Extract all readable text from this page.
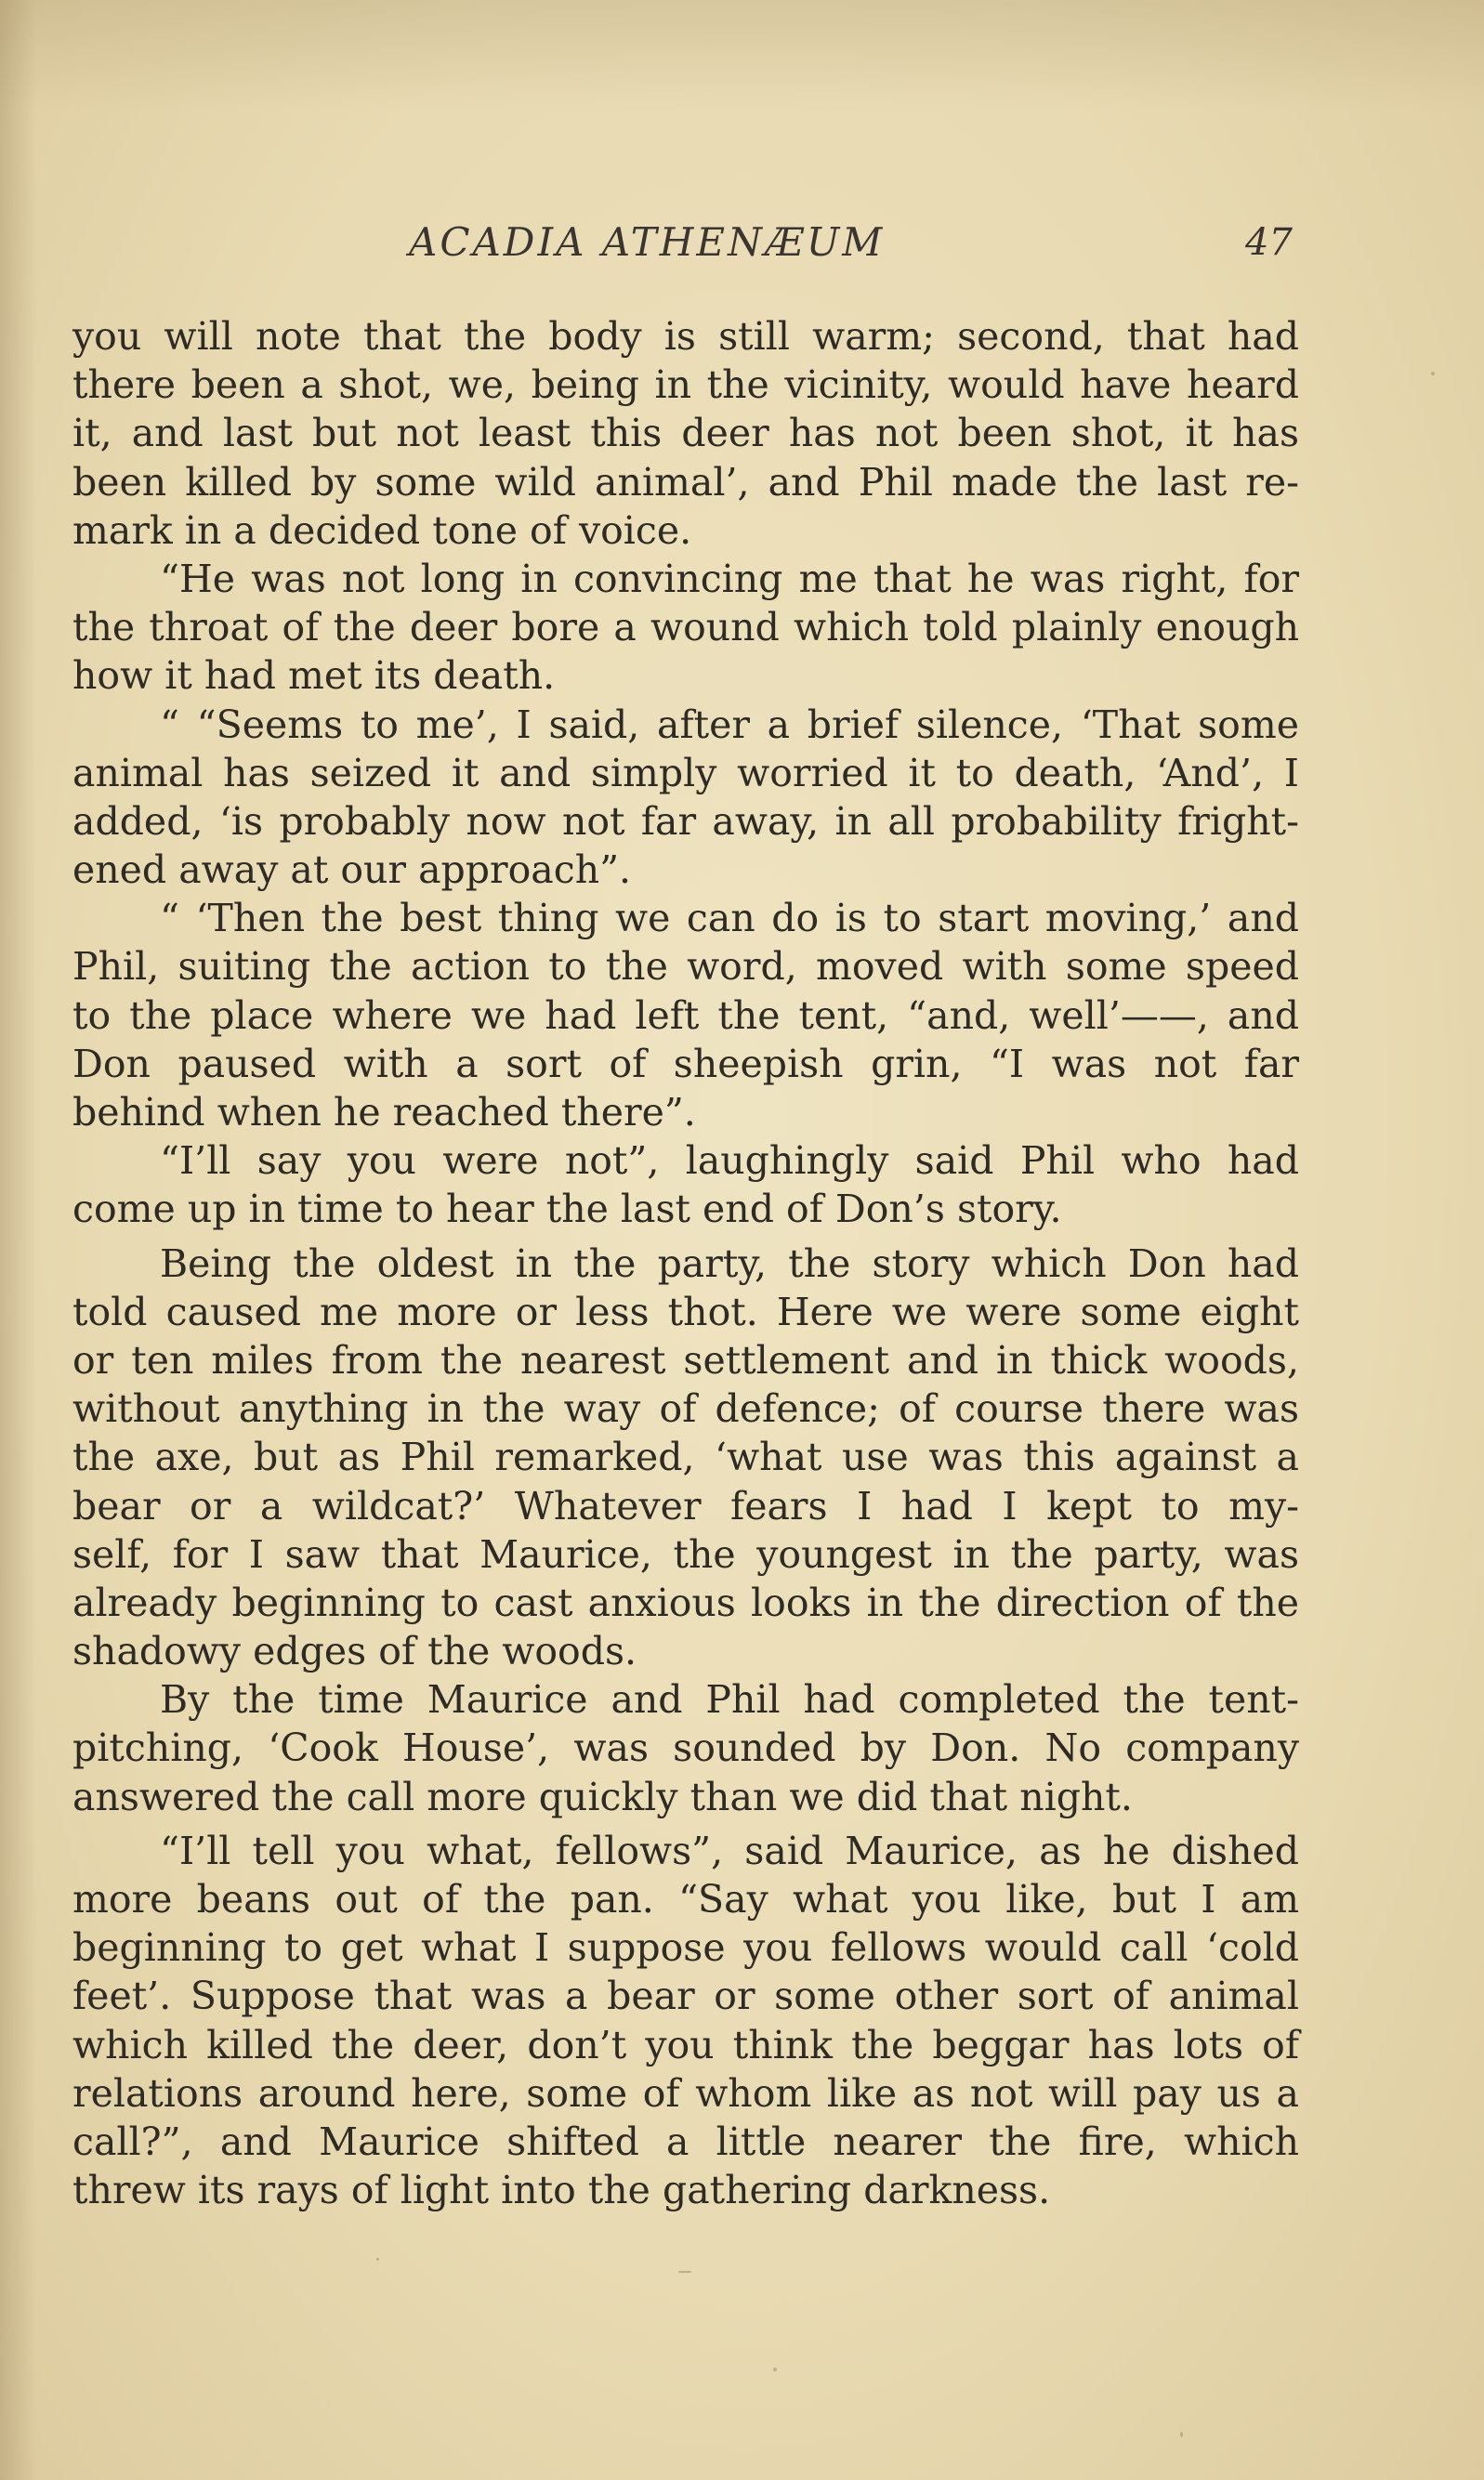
ACADIA ATHENÆUM	47
you will note that the body is still warm; second, that had
there been a shot, we, being in the vicinity, would have heard
it, and last but not least this deer has not been shot, it has
been killed by some wild animal’, and Phil made the last re-
mark in a decided tone of voice.
“He was not long in convincing me that he was right, for
the throat of the deer bore a wound which told plainly enough
how it had met its death.
“ “Seems to me’, I said, after a brief silence, ‘That some
animal has seized it and simply worried it to death, ‘And’, I
added, ‘is probably now not far away, in all probability fright-
ened away at our approach”.
“ ‘Then the best thing we can do is to start moving,’ and
Phil, suiting the action to the word, moved with some speed
to the place where we had left the tent, “and, well’——, and
Don paused with a sort of sheepish grin, “I was not far
behind when he reached there”.
“I’ll say you were not”, laughingly said Phil who had
come up in time to hear the last end of Don’s story.
Being the oldest in the party, the story which Don had
told caused me more or less thot. Here we were some eight
or ten miles from the nearest settlement and in thick woods,
without anything in the way of defence; of course there was
the axe, but as Phil remarked, ‘what use was this against a
bear or a wildcat?’ Whatever fears I had I kept to my-
self, for I saw that Maurice, the youngest in the party, was
already beginning to cast anxious looks in the direction of the
shadowy edges of the woods.
By the time Maurice and Phil had completed the tent-
pitching, ‘Cook House’, was sounded by Don. No company
answered the call more quickly than we did that night.
“I’ll tell you what, fellows”, said Maurice, as he dished
more beans out of the pan. “Say what you like, but I am
beginning to get what I suppose you fellows would call ‘cold
feet’. Suppose that was a bear or some other sort of animal
which killed the deer, don’t you think the beggar has lots of
relations around here, some of whom like as not will pay us a
call?”, and Maurice shifted a little nearer the fire, which
threw its rays of light into the gathering darkness.
